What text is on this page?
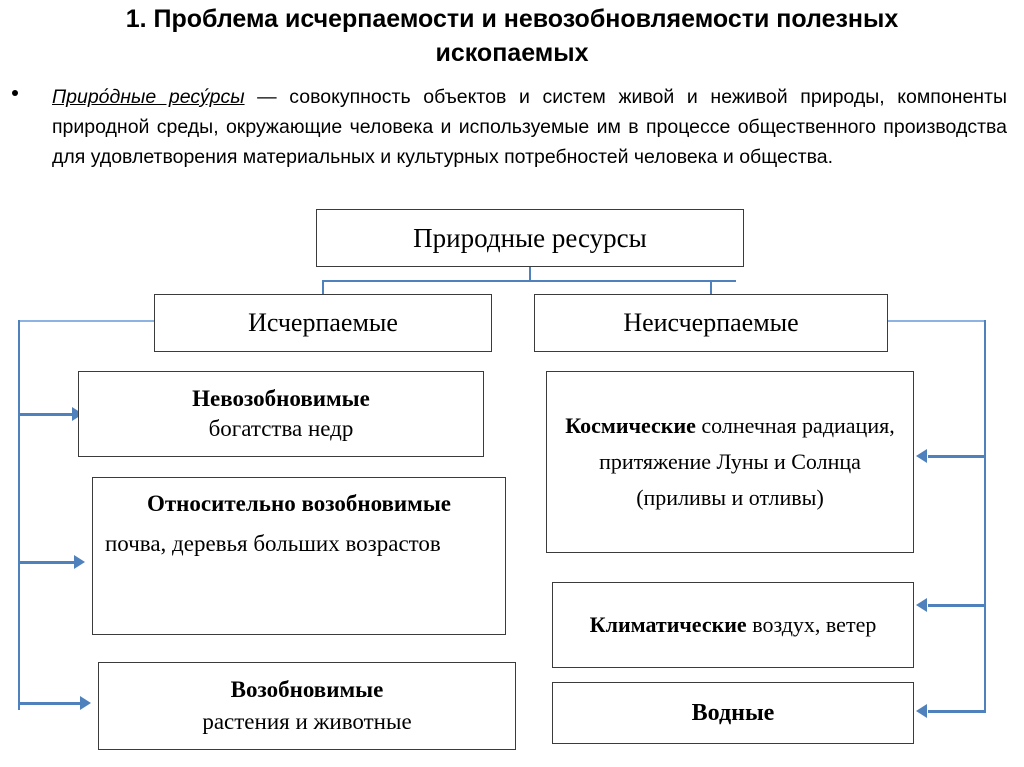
1. Проблема исчерпаемости и невозобновляемости полезных ископаемых
Приро́дные ресу́рсы — совокупность объектов и систем живой и неживой природы, компоненты природной среды, окружающие человека и используемые им в процессе общественного производства для удовлетворения материальных и культурных потребностей человека и общества.
Природные ресурсы
Исчерпаемые	Неисчерпаемые
Невозобновимые
богатства недр
Относительно возобновимые
почва, деревья больших возрастов
Возобновимые
растения и животные
Космические солнечная радиация, притяжение Луны и Солнца (приливы и отливы)
Климатические воздух, ветер
Водные
